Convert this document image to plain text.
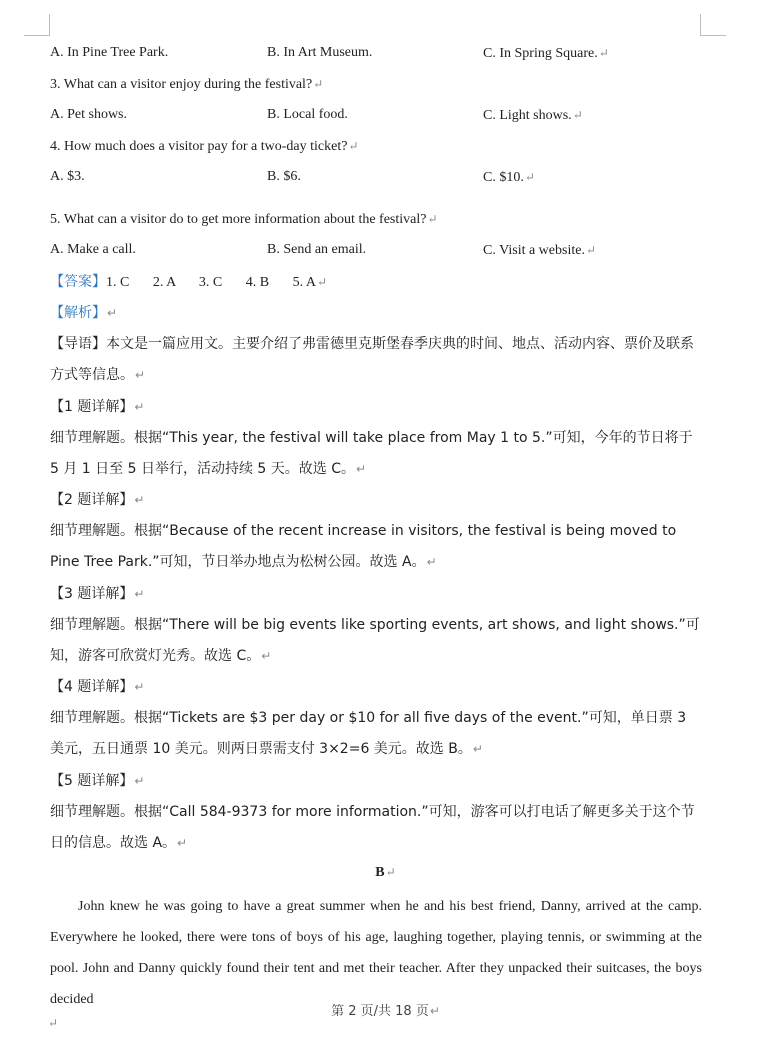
A. In Pine Tree Park.	B. In Art Museum.	C. In Spring Square.↵
3. What can a visitor enjoy during the festival?↵
A. Pet shows.	B. Local food.	C. Light shows.↵
4. How much does a visitor pay for a two-day ticket?↵
A. $3.	B. $6.	C. $10.↵
5. What can a visitor do to get more information about the festival?↵
A. Make a call.	B. Send an email.	C. Visit a website.↵
【答案】1. C 2. A 3. C 4. B 5. A↵
【解析】↵
【导语】本文是一篇应用文。主要介绍了弗雷德里克斯堡春季庆典的时间、地点、活动内容、票价及联系方式等信息。↵
【1 题详解】↵
细节理解题。根据“This year, the festival will take place from May 1 to 5.”可知，今年的节日将于 5 月 1 日至 5 日举行，活动持续 5 天。故选 C。↵
【2 题详解】↵
细节理解题。根据“Because of the recent increase in visitors, the festival is being moved to Pine Tree Park.”可知，节日举办地点为松树公园。故选 A。↵
【3 题详解】↵
细节理解题。根据“There will be big events like sporting events, art shows, and light shows.”可知，游客可欣赏灯光秀。故选 C。↵
【4 题详解】↵
细节理解题。根据“Tickets are $3 per day or $10 for all five days of the event.”可知，单日票 3 美元，五日通票 10 美元。则两日票需支付 3×2=6 美元。故选 B。↵
【5 题详解】↵
细节理解题。根据“Call 584-9373 for more information.”可知，游客可以打电话了解更多关于这个节日的信息。故选 A。↵
B↵
John knew he was going to have a great summer when he and his best friend, Danny, arrived at the camp. Everywhere he looked, there were tons of boys of his age, laughing together, playing tennis, or swimming at the pool. John and Danny quickly found their tent and met their teacher. After they unpacked their suitcases, the boys decided
第 2 页/共 18 页↵
↵
